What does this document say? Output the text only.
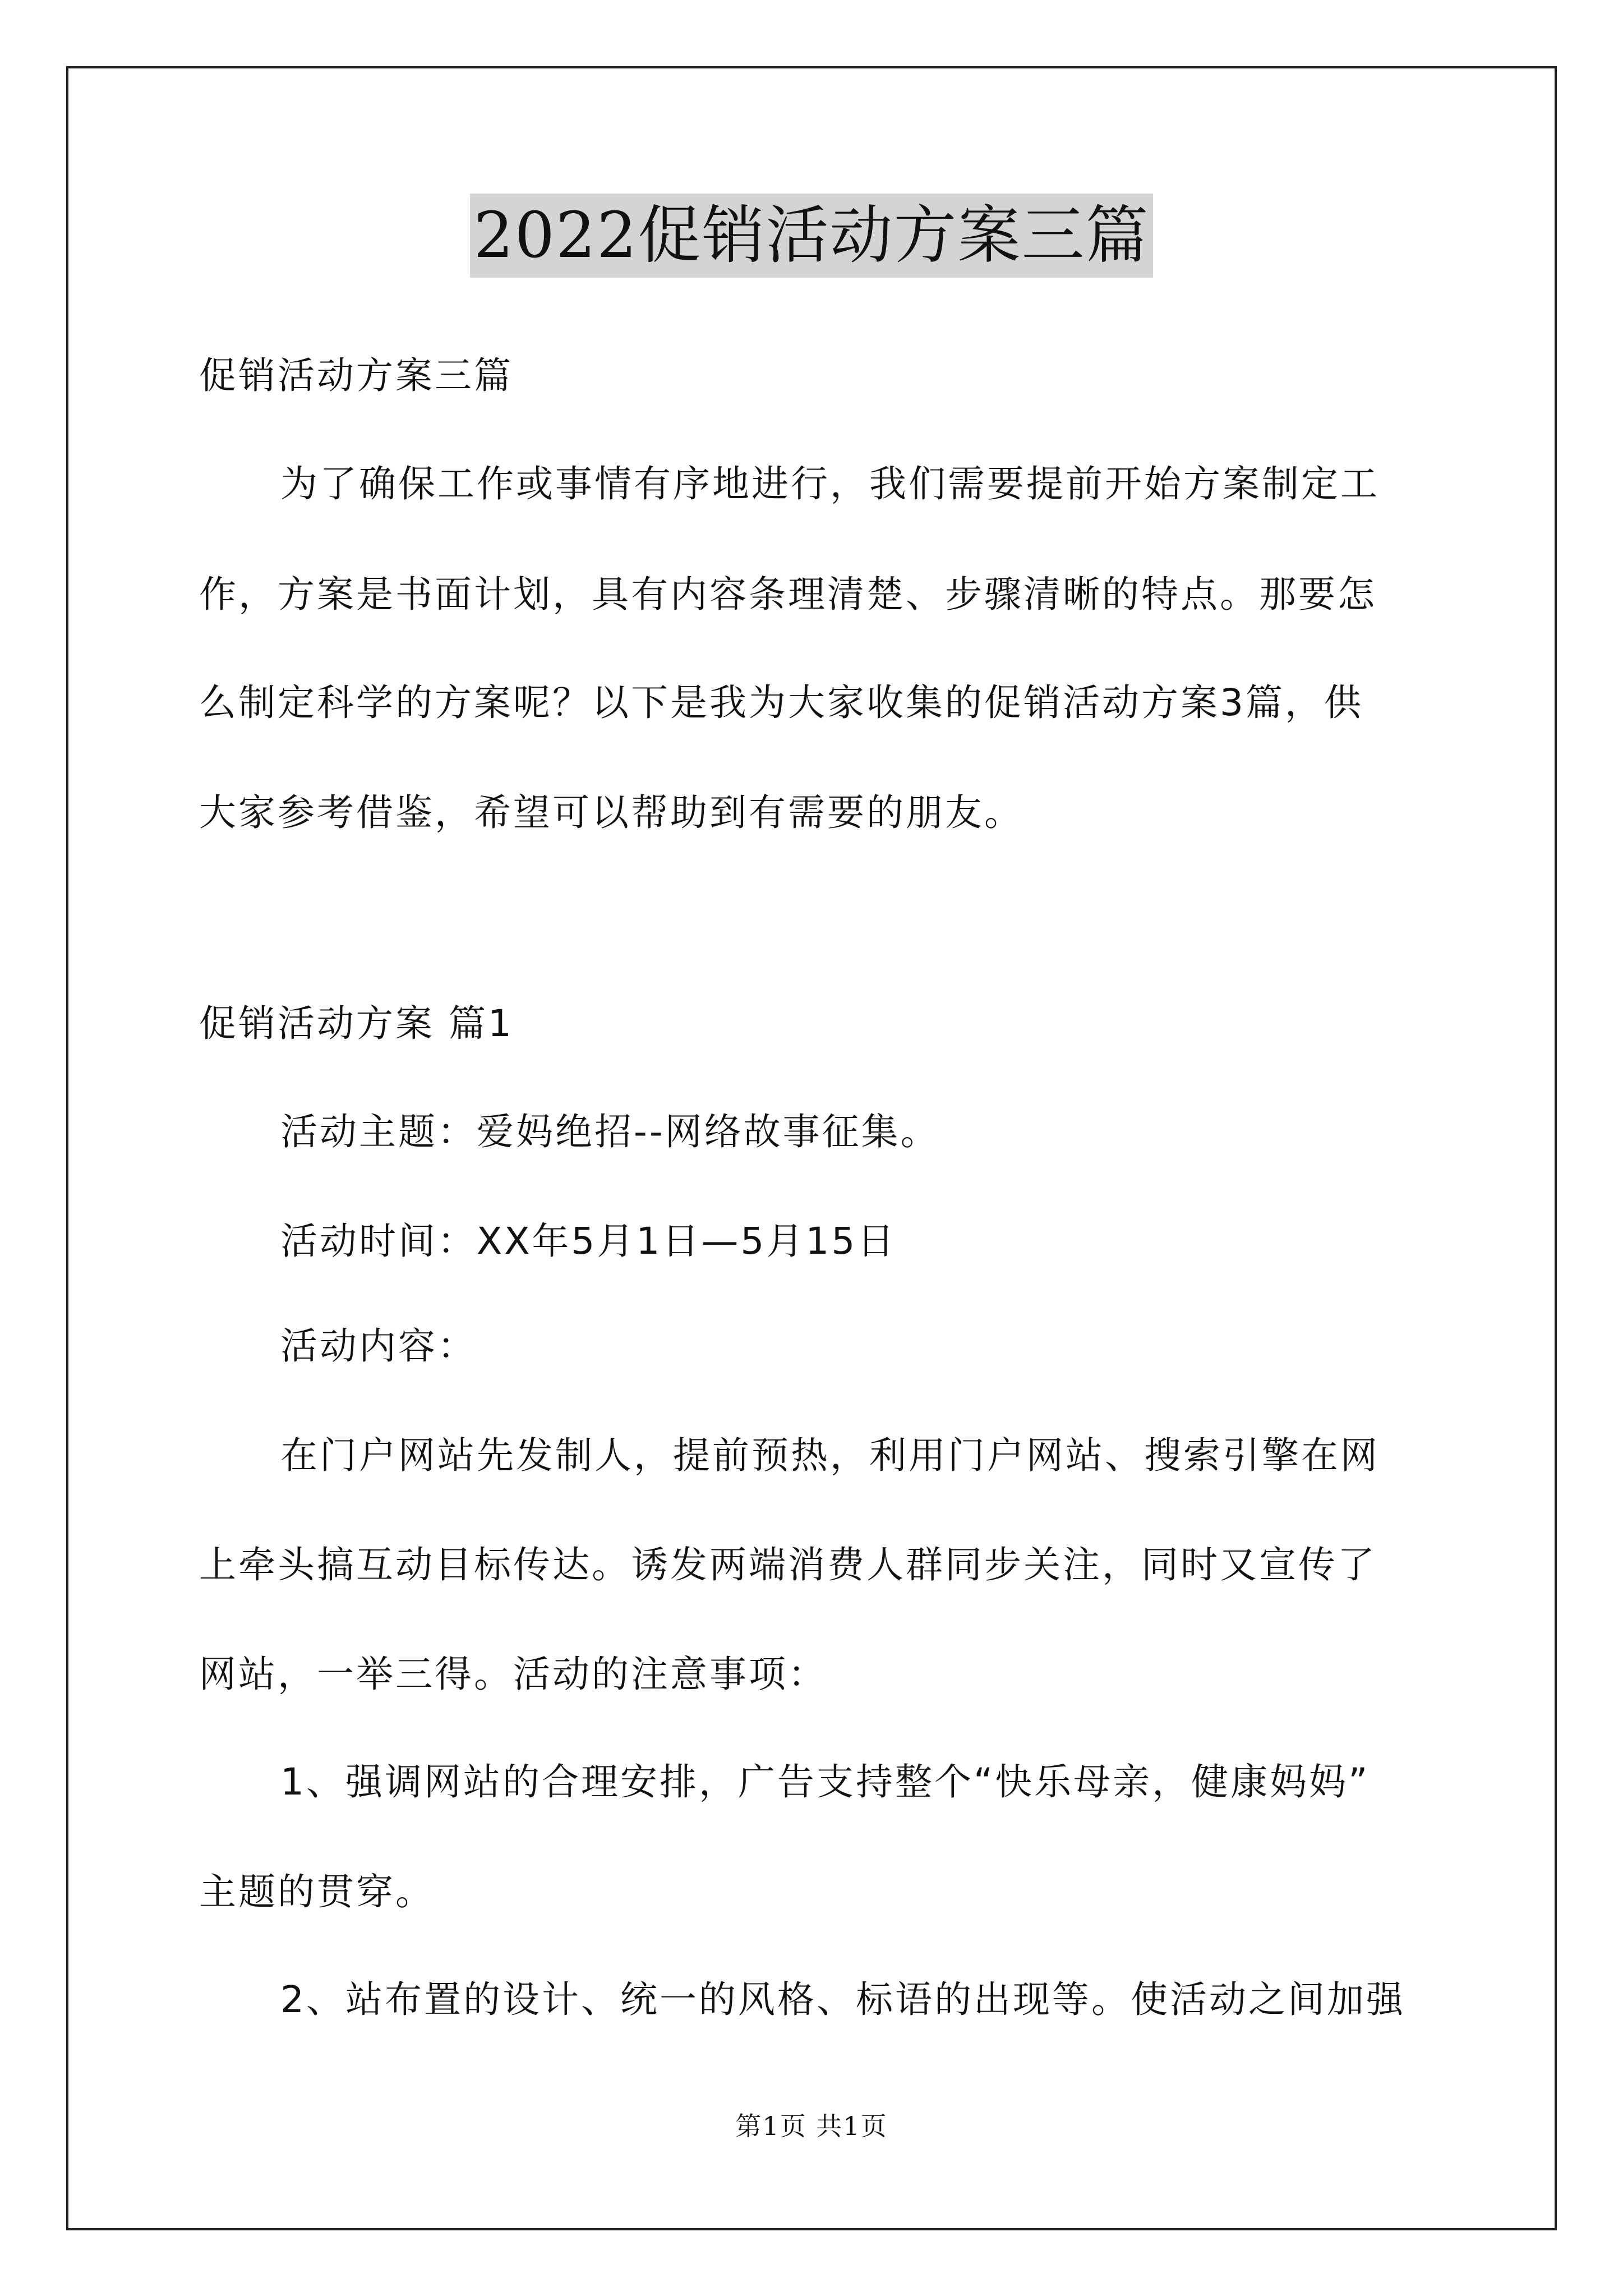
2022促销活动方案三篇
促销活动方案三篇
为了确保工作或事情有序地进行，我们需要提前开始方案制定工
作，方案是书面计划，具有内容条理清楚、步骤清晰的特点。那要怎
么制定科学的方案呢？以下是我为大家收集的促销活动方案3篇，供
大家参考借鉴，希望可以帮助到有需要的朋友。
促销活动方案 篇1
活动主题：爱妈绝招--网络故事征集。
活动时间：XX年5月1日—5月15日
活动内容：
在门户网站先发制人，提前预热，利用门户网站、搜索引擎在网
上牵头搞互动目标传达。诱发两端消费人群同步关注，同时又宣传了
网站，一举三得。活动的注意事项：
1、强调网站的合理安排，广告支持整个“快乐母亲，健康妈妈”
主题的贯穿。
2、站布置的设计、统一的风格、标语的出现等。使活动之间加强
第1页 共1页
